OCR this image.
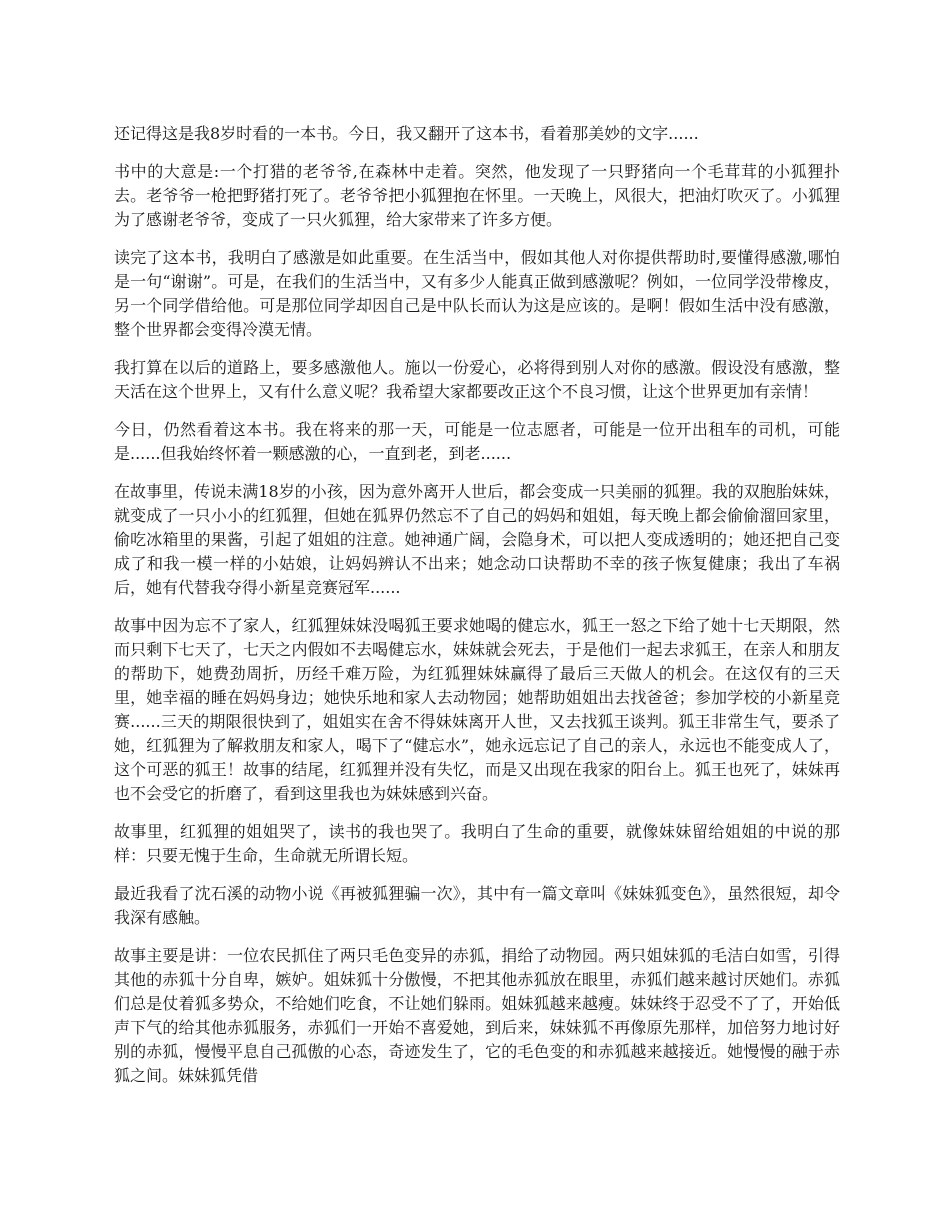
还记得这是我8岁时看的一本书。今日，我又翻开了这本书，看着那美妙的文字......

书中的大意是:一个打猎的老爷爷,在森林中走着。突然，他发现了一只野猪向一个毛茸茸的小狐狸扑去。老爷爷一枪把野猪打死了。老爷爷把小狐狸抱在怀里。一天晚上，风很大，把油灯吹灭了。小狐狸为了感谢老爷爷，变成了一只火狐狸，给大家带来了许多方便。

读完了这本书，我明白了感激是如此重要。在生活当中，假如其他人对你提供帮助时,要懂得感激,哪怕是一句“谢谢”。可是，在我们的生活当中，又有多少人能真正做到感激呢？例如，一位同学没带橡皮，另一个同学借给他。可是那位同学却因自己是中队长而认为这是应该的。是啊！假如生活中没有感激，整个世界都会变得冷漠无情。

我打算在以后的道路上，要多感激他人。施以一份爱心，必将得到别人对你的感激。假设没有感激，整天活在这个世界上，又有什么意义呢？我希望大家都要改正这个不良习惯，让这个世界更加有亲情！

今日，仍然看着这本书。我在将来的那一天，可能是一位志愿者，可能是一位开出租车的司机，可能是......但我始终怀着一颗感激的心，一直到老，到老......

在故事里，传说未满18岁的小孩，因为意外离开人世后，都会变成一只美丽的狐狸。我的双胞胎妹妹，就变成了一只小小的红狐狸，但她在狐界仍然忘不了自己的妈妈和姐姐，每天晚上都会偷偷溜回家里，偷吃冰箱里的果酱，引起了姐姐的注意。她神通广阔，会隐身术，可以把人变成透明的；她还把自己变成了和我一模一样的小姑娘，让妈妈辨认不出来；她念动口诀帮助不幸的孩子恢复健康；我出了车祸后，她有代替我夺得小新星竞赛冠军......

故事中因为忘不了家人，红狐狸妹妹没喝狐王要求她喝的健忘水，狐王一怒之下给了她十七天期限，然而只剩下七天了，七天之内假如不去喝健忘水，妹妹就会死去，于是他们一起去求狐王，在亲人和朋友的帮助下，她费劲周折，历经千难万险，为红狐狸妹妹赢得了最后三天做人的机会。在这仅有的三天里，她幸福的睡在妈妈身边；她快乐地和家人去动物园；她帮助姐姐出去找爸爸；参加学校的小新星竞赛......三天的期限很快到了，姐姐实在舍不得妹妹离开人世，又去找狐王谈判。狐王非常生气，要杀了她，红狐狸为了解救朋友和家人，喝下了“健忘水”，她永远忘记了自己的亲人，永远也不能变成人了，这个可恶的狐王！故事的结尾，红狐狸并没有失忆，而是又出现在我家的阳台上。狐王也死了，妹妹再也不会受它的折磨了，看到这里我也为妹妹感到兴奋。

故事里，红狐狸的姐姐哭了，读书的我也哭了。我明白了生命的重要，就像妹妹留给姐姐的中说的那样：只要无愧于生命，生命就无所谓长短。

最近我看了沈石溪的动物小说《再被狐狸骗一次》，其中有一篇文章叫《妹妹狐变色》，虽然很短，却令我深有感触。

故事主要是讲：一位农民抓住了两只毛色变异的赤狐，捐给了动物园。两只姐妹狐的毛洁白如雪，引得其他的赤狐十分自卑，嫉妒。姐妹狐十分傲慢，不把其他赤狐放在眼里，赤狐们越来越讨厌她们。赤狐们总是仗着狐多势众，不给她们吃食，不让她们躲雨。姐妹狐越来越瘦。妹妹终于忍受不了了，开始低声下气的给其他赤狐服务，赤狐们一开始不喜爱她，到后来，妹妹狐不再像原先那样，加倍努力地讨好别的赤狐，慢慢平息自己孤傲的心态，奇迹发生了，它的毛色变的和赤狐越来越接近。她慢慢的融于赤狐之间。妹妹狐凭借
